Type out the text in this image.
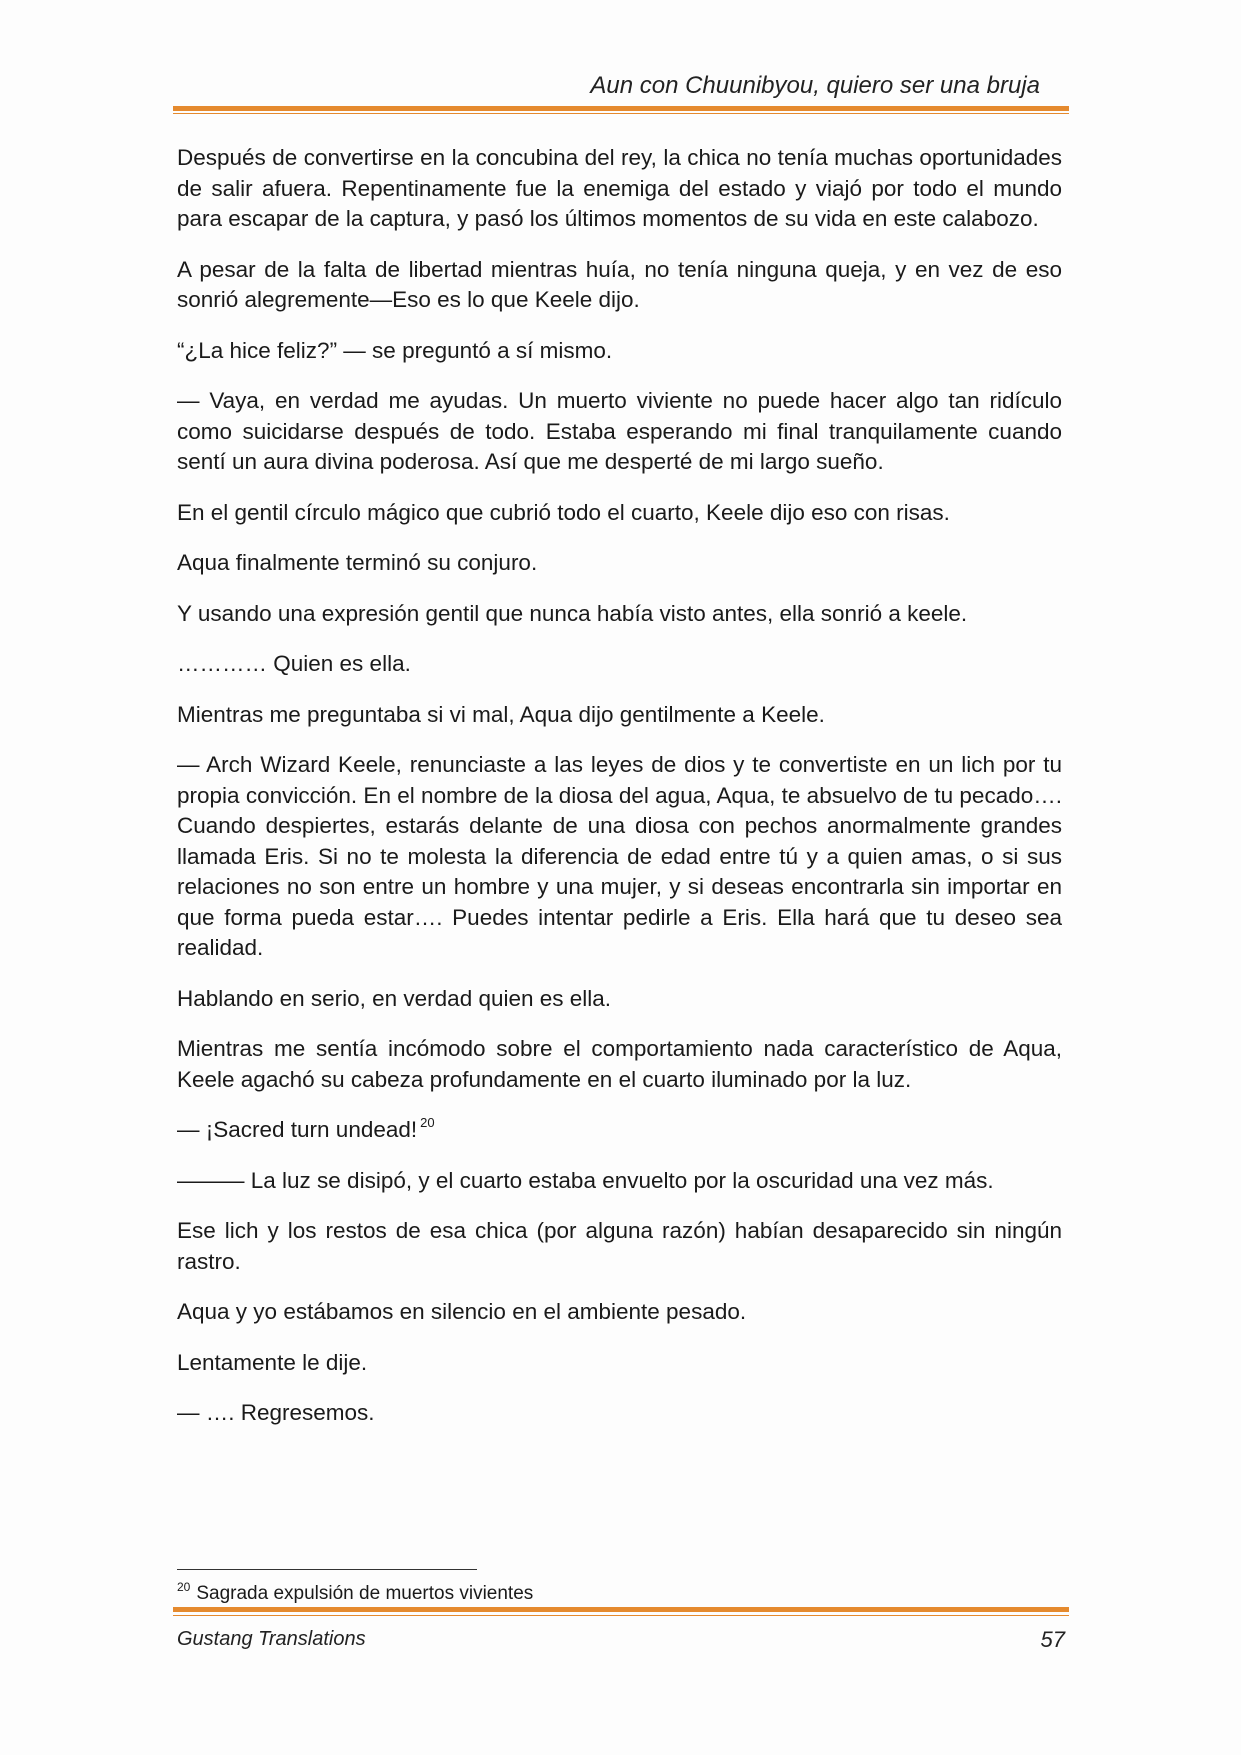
Aun con Chuunibyou, quiero ser una bruja

Después de convertirse en la concubina del rey, la chica no tenía muchas oportunidades de salir afuera. Repentinamente fue la enemiga del estado y viajó por todo el mundo para escapar de la captura, y pasó los últimos momentos de su vida en este calabozo.

A pesar de la falta de libertad mientras huía, no tenía ninguna queja, y en vez de eso sonrió alegremente—Eso es lo que Keele dijo.

“¿La hice feliz?” — se preguntó a sí mismo.

— Vaya, en verdad me ayudas. Un muerto viviente no puede hacer algo tan ridículo como suicidarse después de todo. Estaba esperando mi final tranquilamente cuando sentí un aura divina poderosa. Así que me desperté de mi largo sueño.

En el gentil círculo mágico que cubrió todo el cuarto, Keele dijo eso con risas.

Aqua finalmente terminó su conjuro.

Y usando una expresión gentil que nunca había visto antes, ella sonrió a keele.

………… Quien es ella.

Mientras me preguntaba si vi mal, Aqua dijo gentilmente a Keele.

— Arch Wizard Keele, renunciaste a las leyes de dios y te convertiste en un lich por tu propia convicción. En el nombre de la diosa del agua, Aqua, te absuelvo de tu pecado…. Cuando despiertes, estarás delante de una diosa con pechos anormalmente grandes llamada Eris. Si no te molesta la diferencia de edad entre tú y a quien amas, o si sus relaciones no son entre un hombre y una mujer, y si deseas encontrarla sin importar en que forma pueda estar…. Puedes intentar pedirle a Eris. Ella hará que tu deseo sea realidad.

Hablando en serio, en verdad quien es ella.

Mientras me sentía incómodo sobre el comportamiento nada característico de Aqua, Keele agachó su cabeza profundamente en el cuarto iluminado por la luz.

— ¡Sacred turn undead! $^{20}$

——— La luz se disipó, y el cuarto estaba envuelto por la oscuridad una vez más.

Ese lich y los restos de esa chica (por alguna razón) habían desaparecido sin ningún rastro.

Aqua y yo estábamos en silencio en el ambiente pesado.

Lentamente le dije.

— …. Regresemos.

$^{20}$ Sagrada expulsión de muertos vivientes
Gustang Translations	57
